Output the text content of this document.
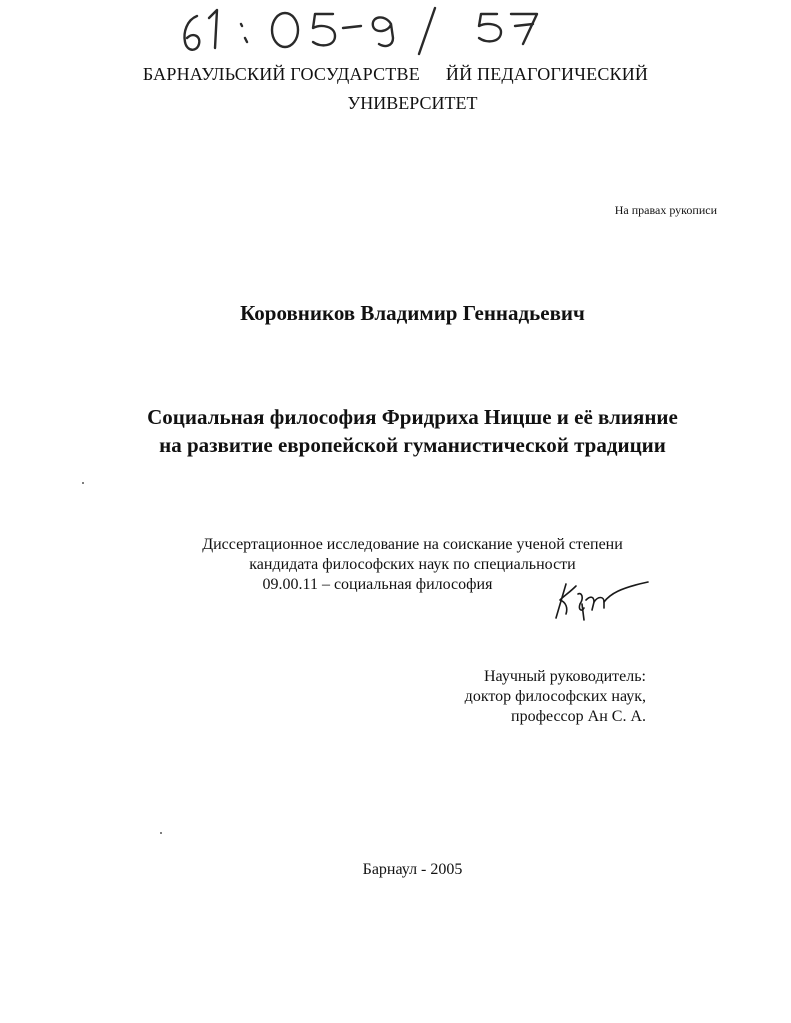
БАРНАУЛЬСКИЙ ГОСУДАРСТВЕ ЙЙ ПЕДАГОГИЧЕСКИЙ
УНИВЕРСИТЕТ
На правах рукописи
Коровников Владимир Геннадьевич
Социальная философия Фридриха Ницше и её влияние
на развитие европейской гуманистической традиции
Диссертационное исследование на соискание ученой степени
кандидата философских наук по специальности
09.00.11 – социальная философия
Научный руководитель:
доктор философских наук,
профессор Ан С. А.
Барнаул - 2005
